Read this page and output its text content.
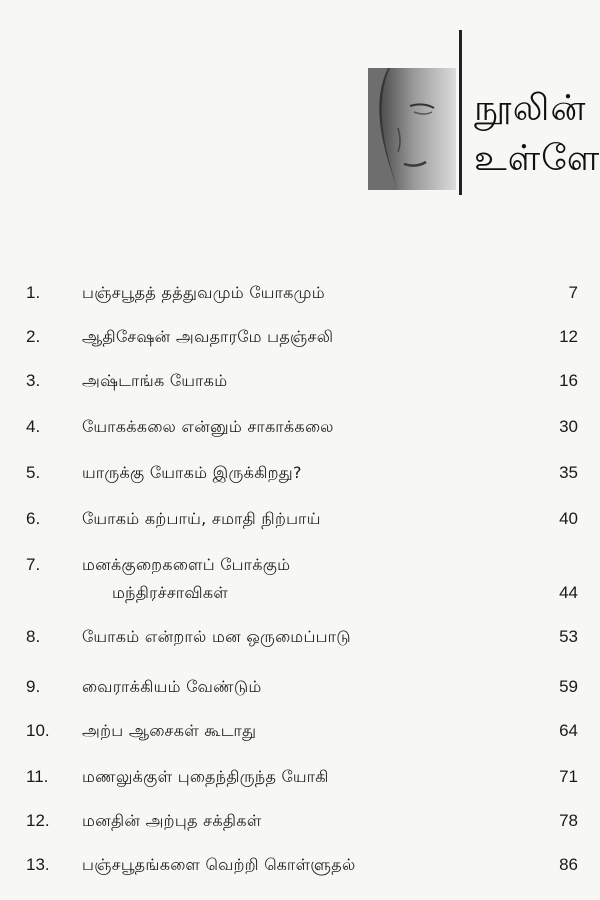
நூலின்
உள்ளே
1.	பஞ்சபூதத் தத்துவமும் யோகமும்	7
2.	ஆதிசேஷன் அவதாரமே பதஞ்சலி	12
3.	அஷ்டாங்க யோகம்	16
4.	யோகக்கலை என்னும் சாகாக்கலை	30
5.	யாருக்கு யோகம் இருக்கிறது?	35
6.	யோகம் கற்பாய், சமாதி நிற்பாய்	40
7.	மனக்குறைகளைப் போக்கும்
மந்திரச்சாவிகள்	44
8.	யோகம் என்றால் மன ஒருமைப்பாடு	53
9.	வைராக்கியம் வேண்டும்	59
10. அற்ப ஆசைகள் கூடாது	64
11. மணலுக்குள் புதைந்திருந்த யோகி	71
12. மனதின் அற்புத சக்திகள்	78
13. பஞ்சபூதங்களை வெற்றி கொள்ளுதல்	86
